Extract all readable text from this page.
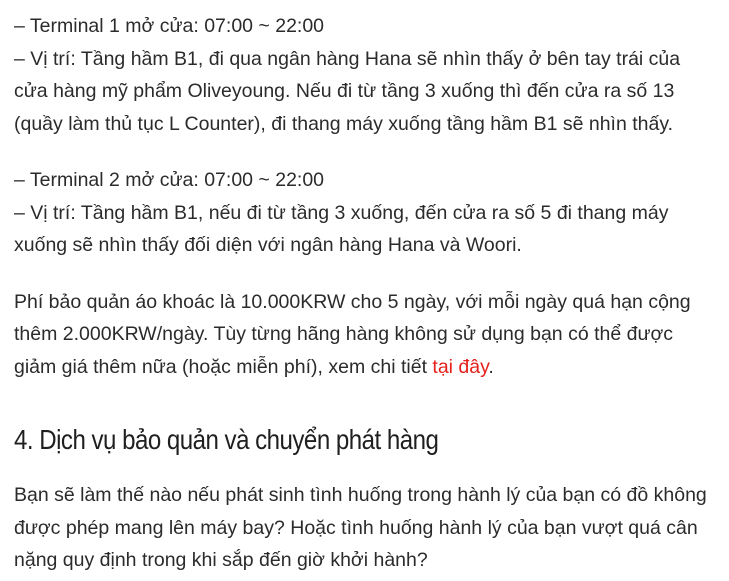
– Terminal 1 mở cửa: 07:00 ~ 22:00

– Vị trí: Tầng hầm B1, đi qua ngân hàng Hana sẽ nhìn thấy ở bên tay trái của cửa hàng mỹ phẩm Oliveyoung. Nếu đi từ tầng 3 xuống thì đến cửa ra số 13 (quầy làm thủ tục L Counter), đi thang máy xuống tầng hầm B1 sẽ nhìn thấy.

– Terminal 2 mở cửa: 07:00 ~ 22:00

– Vị trí: Tầng hầm B1, nếu đi từ tầng 3 xuống, đến cửa ra số 5 đi thang máy xuống sẽ nhìn thấy đối diện với ngân hàng Hana và Woori.

Phí bảo quản áo khoác là 10.000KRW cho 5 ngày, với mỗi ngày quá hạn cộng thêm 2.000KRW/ngày. Tùy từng hãng hàng không sử dụng bạn có thể được giảm giá thêm nữa (hoặc miễn phí), xem chi tiết tại đây.

4. Dịch vụ bảo quản và chuyển phát hàng

Bạn sẽ làm thế nào nếu phát sinh tình huống trong hành lý của bạn có đồ không được phép mang lên máy bay? Hoặc tình huống hành lý của bạn vượt quá cân nặng quy định trong khi sắp đến giờ khởi hành?
